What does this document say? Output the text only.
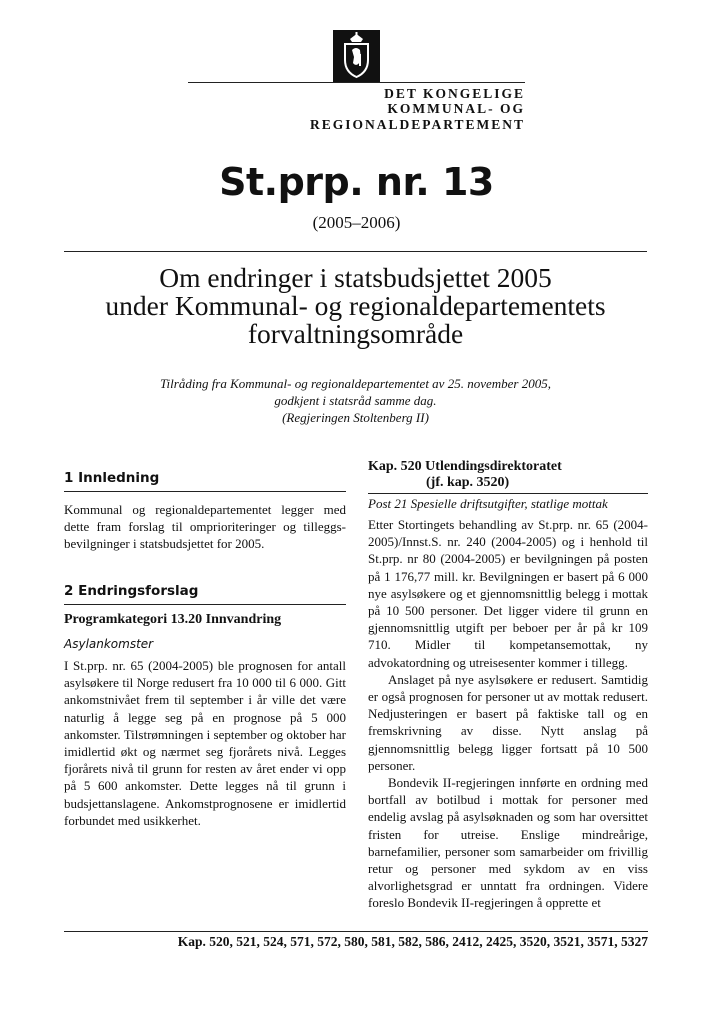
DET KONGELIGE
KOMMUNAL- OG REGIONALDEPARTEMENT
St.prp. nr. 13
(2005–2006)
Om endringer i statsbudsjettet 2005
under Kommunal- og regionaldepartementets
forvaltningsområde
Tilråding fra Kommunal- og regionaldepartementet av 25. november 2005,
godkjent i statsråd samme dag.
(Regjeringen Stoltenberg II)
1 Innledning

Kommunal og regionaldepartementet legger med dette fram forslag til omprioriteringer og tilleggs-bevilgninger i statsbudsjettet for 2005.

2 Endringsforslag
Programkategori 13.20 Innvandring
Asylankomster

I St.prp. nr. 65 (2004-2005) ble prognosen for antall asylsøkere til Norge redusert fra 10 000 til 6 000. Gitt ankomstnivået frem til september i år ville det være naturlig å legge seg på en prognose på 5 000 ankomster. Tilstrømningen i september og oktober har imidlertid økt og nærmet seg fjorårets nivå. Legges fjorårets nivå til grunn for resten av året ender vi opp på 5 600 ankomster. Dette legges nå til grunn i budsjettanslagene. Ankomstprognosene er imidlertid forbundet med usikkerhet.

Kap. 520 Utlendingsdirektoratet
(jf. kap. 3520)
Post 21 Spesielle driftsutgifter, statlige mottak

Etter Stortingets behandling av St.prp. nr. 65 (2004-2005)/Innst.S. nr. 240 (2004-2005) og i henhold til St.prp. nr 80 (2004-2005) er bevilgningen på posten på 1 176,77 mill. kr. Bevilgningen er basert på 6 000 nye asylsøkere og et gjennomsnittlig belegg i mottak på 10 500 personer. Det ligger videre til grunn en gjennomsnittlig utgift per beboer per år på kr 109 710. Midler til kompetansemottak, ny advokatordning og utreisesenter kommer i tillegg.

Anslaget på nye asylsøkere er redusert. Samtidig er også prognosen for personer ut av mottak redusert. Nedjusteringen er basert på faktiske tall og en fremskrivning av disse. Nytt anslag på gjennomsnittlig belegg ligger fortsatt på 10 500 personer.

Bondevik II-regjeringen innførte en ordning med bortfall av botilbud i mottak for personer med endelig avslag på asylsøknaden og som har oversittet fristen for utreise. Enslige mindreårige, barnefamilier, personer som samarbeider om frivillig retur og personer med sykdom av en viss alvorlighetsgrad er unntatt fra ordningen. Videre foreslo Bondevik II-regjeringen å opprette et

Kap. 520, 521, 524, 571, 572, 580, 581, 582, 586, 2412, 2425, 3520, 3521, 3571, 5327
